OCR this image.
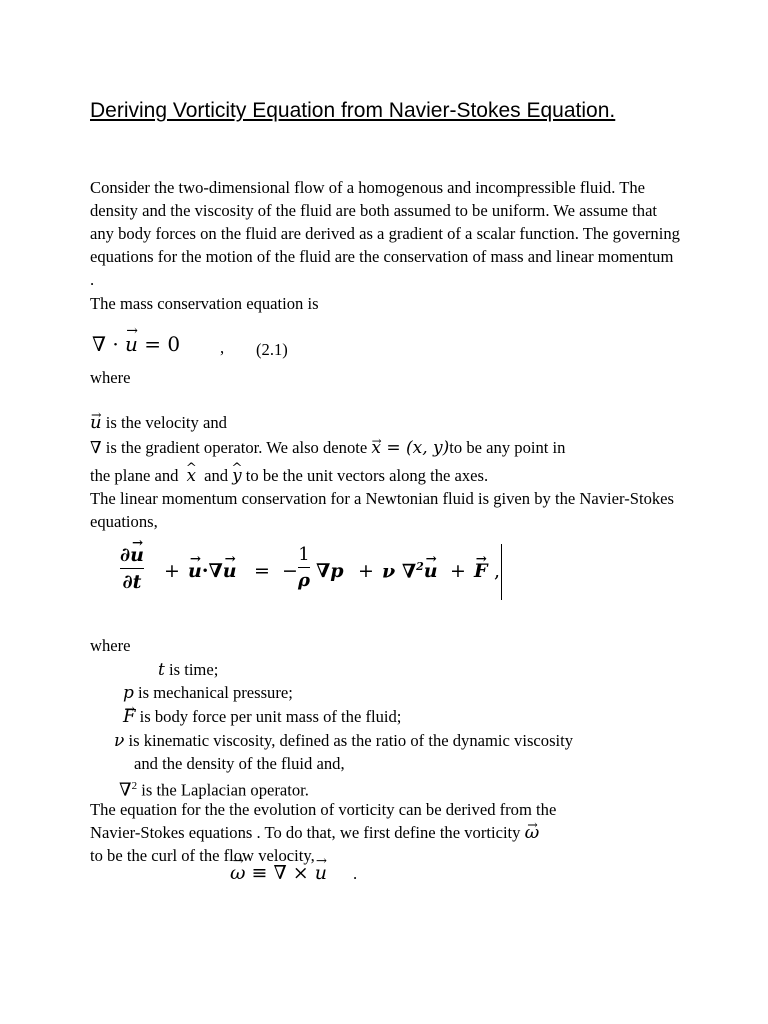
Deriving Vorticity Equation from Navier-Stokes Equation.

Consider the two-dimensional flow of a homogenous and incompressible fluid. The density and the viscosity of the fluid are both assumed to be uniform. We assume that any body forces on the fluid are derived as a gradient of a scalar function. The governing equations for the motion of the fluid are the conservation of mass and linear momentum .

The mass conservation equation is
∇ · → u = 0 , (2.1)
where
→ u is the velocity and
∇ is the gradient operator. We also denote → x = (x, y)to be any point in
the plane and ^ x and ^ y to be the unit vectors along the axes.

The linear momentum conservation for a Newtonian fluid is given by the Navier-Stokes equations,

∂→ u
∂t + → u·∇→ u = −
1
ρ ∇p + ν ∇$^2$→ u + → F ,
where
t is time;
p is mechanical pressure;
→ F is body force per unit mass of the fluid;
ν is kinematic viscosity, defined as the ratio of the dynamic viscosity
and the density of the fluid and,
∇$^2$ is the Laplacian operator.
The equation for the the evolution of vorticity can be derived from the
Navier-Stokes equations . To do that, we first define the vorticity → ω
to be the curl of the flow velocity,
→ ω ≡ ∇ × → u .
